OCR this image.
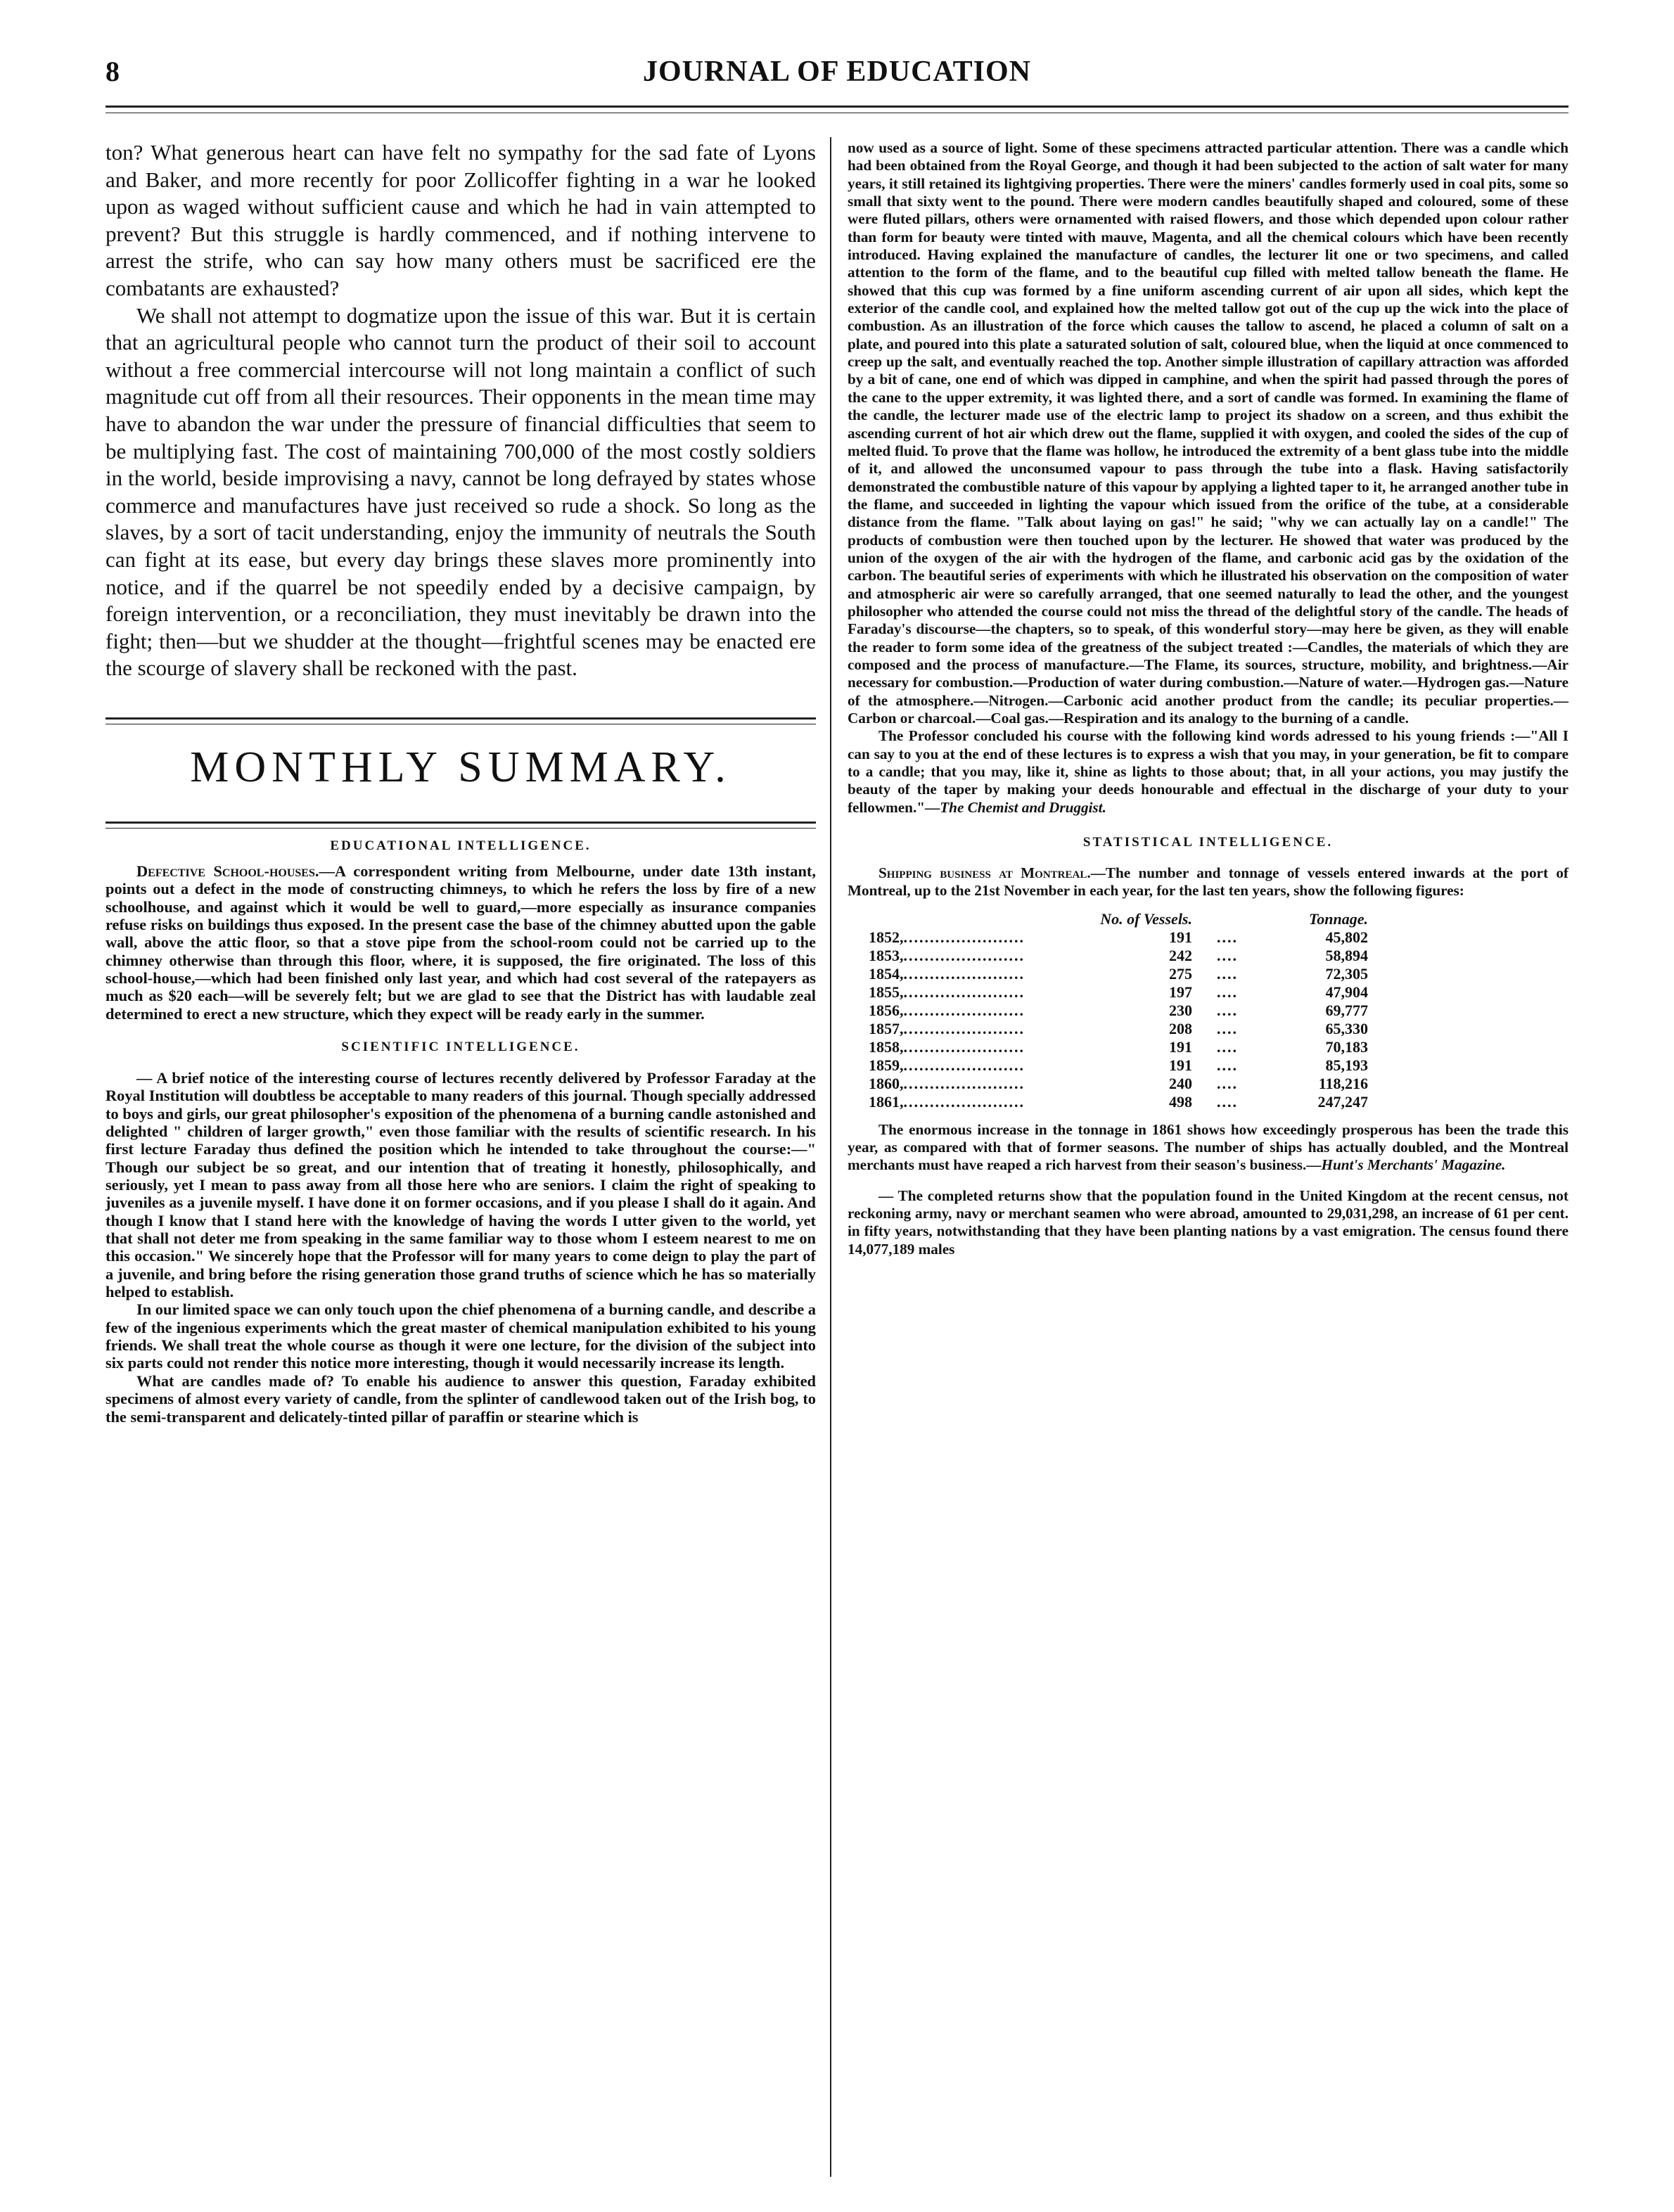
8	JOURNAL OF EDUCATION

ton? What generous heart can have felt no sympathy for the sad fate of Lyons and Baker, and more recently for poor Zollicoffer fighting in a war he looked upon as waged without sufficient cause and which he had in vain attempted to prevent? But this struggle is hardly commenced, and if nothing intervene to arrest the strife, who can say how many others must be sacrificed ere the combatants are exhausted?

We shall not attempt to dogmatize upon the issue of this war. But it is certain that an agricultural people who cannot turn the product of their soil to account without a free commercial intercourse will not long maintain a conflict of such magnitude cut off from all their resources. Their opponents in the mean time may have to abandon the war under the pressure of financial difficulties that seem to be multiplying fast. The cost of maintaining 700,000 of the most costly soldiers in the world, beside improvising a navy, cannot be long defrayed by states whose commerce and manufactures have just received so rude a shock. So long as the slaves, by a sort of tacit understanding, enjoy the immunity of neutrals the South can fight at its ease, but every day brings these slaves more prominently into notice, and if the quarrel be not speedily ended by a decisive campaign, by foreign intervention, or a reconciliation, they must inevitably be drawn into the fight; then—but we shudder at the thought—frightful scenes may be enacted ere the scourge of slavery shall be reckoned with the past.

MONTHLY SUMMARY.
EDUCATIONAL INTELLIGENCE.

Defective School-houses.—A correspondent writing from Melbourne, under date 13th instant, points out a defect in the mode of constructing chimneys, to which he refers the loss by fire of a new schoolhouse, and against which it would be well to guard,—more especially as insurance companies refuse risks on buildings thus exposed. In the present case the base of the chimney abutted upon the gable wall, above the attic floor, so that a stove pipe from the school-room could not be carried up to the chimney otherwise than through this floor, where, it is supposed, the fire originated. The loss of this school-house,—which had been finished only last year, and which had cost several of the ratepayers as much as $20 each—will be severely felt; but we are glad to see that the District has with laudable zeal determined to erect a new structure, which they expect will be ready early in the summer.

SCIENTIFIC INTELLIGENCE.

— A brief notice of the interesting course of lectures recently delivered by Professor Faraday at the Royal Institution will doubtless be acceptable to many readers of this journal. Though specially addressed to boys and girls, our great philosopher's exposition of the phenomena of a burning candle astonished and delighted " children of larger growth," even those familiar with the results of scientific research. In his first lecture Faraday thus defined the position which he intended to take throughout the course:—" Though our subject be so great, and our intention that of treating it honestly, philosophically, and seriously, yet I mean to pass away from all those here who are seniors. I claim the right of speaking to juveniles as a juvenile myself. I have done it on former occasions, and if you please I shall do it again. And though I know that I stand here with the knowledge of having the words I utter given to the world, yet that shall not deter me from speaking in the same familiar way to those whom I esteem nearest to me on this occasion." We sincerely hope that the Professor will for many years to come deign to play the part of a juvenile, and bring before the rising generation those grand truths of science which he has so materially helped to establish.

In our limited space we can only touch upon the chief phenomena of a burning candle, and describe a few of the ingenious experiments which the great master of chemical manipulation exhibited to his young friends. We shall treat the whole course as though it were one lecture, for the division of the subject into six parts could not render this notice more interesting, though it would necessarily increase its length.

What are candles made of? To enable his audience to answer this question, Faraday exhibited specimens of almost every variety of candle, from the splinter of candlewood taken out of the Irish bog, to the semi-transparent and delicately-tinted pillar of paraffin or stearine which is

now used as a source of light. Some of these specimens attracted particular attention. There was a candle which had been obtained from the Royal George, and though it had been subjected to the action of salt water for many years, it still retained its lightgiving properties. There were the miners' candles formerly used in coal pits, some so small that sixty went to the pound. There were modern candles beautifully shaped and coloured, some of these were fluted pillars, others were ornamented with raised flowers, and those which depended upon colour rather than form for beauty were tinted with mauve, Magenta, and all the chemical colours which have been recently introduced. Having explained the manufacture of candles, the lecturer lit one or two specimens, and called attention to the form of the flame, and to the beautiful cup filled with melted tallow beneath the flame. He showed that this cup was formed by a fine uniform ascending current of air upon all sides, which kept the exterior of the candle cool, and explained how the melted tallow got out of the cup up the wick into the place of combustion. As an illustration of the force which causes the tallow to ascend, he placed a column of salt on a plate, and poured into this plate a saturated solution of salt, coloured blue, when the liquid at once commenced to creep up the salt, and eventually reached the top. Another simple illustration of capillary attraction was afforded by a bit of cane, one end of which was dipped in camphine, and when the spirit had passed through the pores of the cane to the upper extremity, it was lighted there, and a sort of candle was formed. In examining the flame of the candle, the lecturer made use of the electric lamp to project its shadow on a screen, and thus exhibit the ascending current of hot air which drew out the flame, supplied it with oxygen, and cooled the sides of the cup of melted fluid. To prove that the flame was hollow, he introduced the extremity of a bent glass tube into the middle of it, and allowed the unconsumed vapour to pass through the tube into a flask. Having satisfactorily demonstrated the combustible nature of this vapour by applying a lighted taper to it, he arranged another tube in the flame, and succeeded in lighting the vapour which issued from the orifice of the tube, at a considerable distance from the flame. "Talk about laying on gas!" he said; "why we can actually lay on a candle!" The products of combustion were then touched upon by the lecturer. He showed that water was produced by the union of the oxygen of the air with the hydrogen of the flame, and carbonic acid gas by the oxidation of the carbon. The beautiful series of experiments with which he illustrated his observation on the composition of water and atmospheric air were so carefully arranged, that one seemed naturally to lead the other, and the youngest philosopher who attended the course could not miss the thread of the delightful story of the candle. The heads of Faraday's discourse—the chapters, so to speak, of this wonderful story—may here be given, as they will enable the reader to form some idea of the greatness of the subject treated :—Candles, the materials of which they are composed and the process of manufacture.—The Flame, its sources, structure, mobility, and brightness.—Air necessary for combustion.—Production of water during combustion.—Nature of water.—Hydrogen gas.—Nature of the atmosphere.—Nitrogen.—Carbonic acid another product from the candle; its peculiar properties.—Carbon or charcoal.—Coal gas.—Respiration and its analogy to the burning of a candle.

The Professor concluded his course with the following kind words adressed to his young friends :—"All I can say to you at the end of these lectures is to express a wish that you may, in your generation, be fit to compare to a candle; that you may, like it, shine as lights to those about; that, in all your actions, you may justify the beauty of the taper by making your deeds honourable and effectual in the discharge of your duty to your fellowmen."—The Chemist and Druggist.

STATISTICAL INTELLIGENCE.

Shipping business at Montreal.—The number and tonnage of vessels entered inwards at the port of Montreal, up to the 21st November in each year, for the last ten years, show the following figures:

	No. of Vessels.		Tonnage.
1852,.......................	191	....	45,802
1853,.......................	242	....	58,894
1854,.......................	275	....	72,305
1855,.......................	197	....	47,904
1856,.......................	230	....	69,777
1857,.......................	208	....	65,330
1858,.......................	191	....	70,183
1859,.......................	191	....	85,193
1860,.......................	240	....	118,216
1861,.......................	498	....	247,247

The enormous increase in the tonnage in 1861 shows how exceedingly prosperous has been the trade this year, as compared with that of former seasons. The number of ships has actually doubled, and the Montreal merchants must have reaped a rich harvest from their season's business.—Hunt's Merchants' Magazine.

— The completed returns show that the population found in the United Kingdom at the recent census, not reckoning army, navy or merchant seamen who were abroad, amounted to 29,031,298, an increase of 61 per cent. in fifty years, notwithstanding that they have been planting nations by a vast emigration. The census found there 14,077,189 males
